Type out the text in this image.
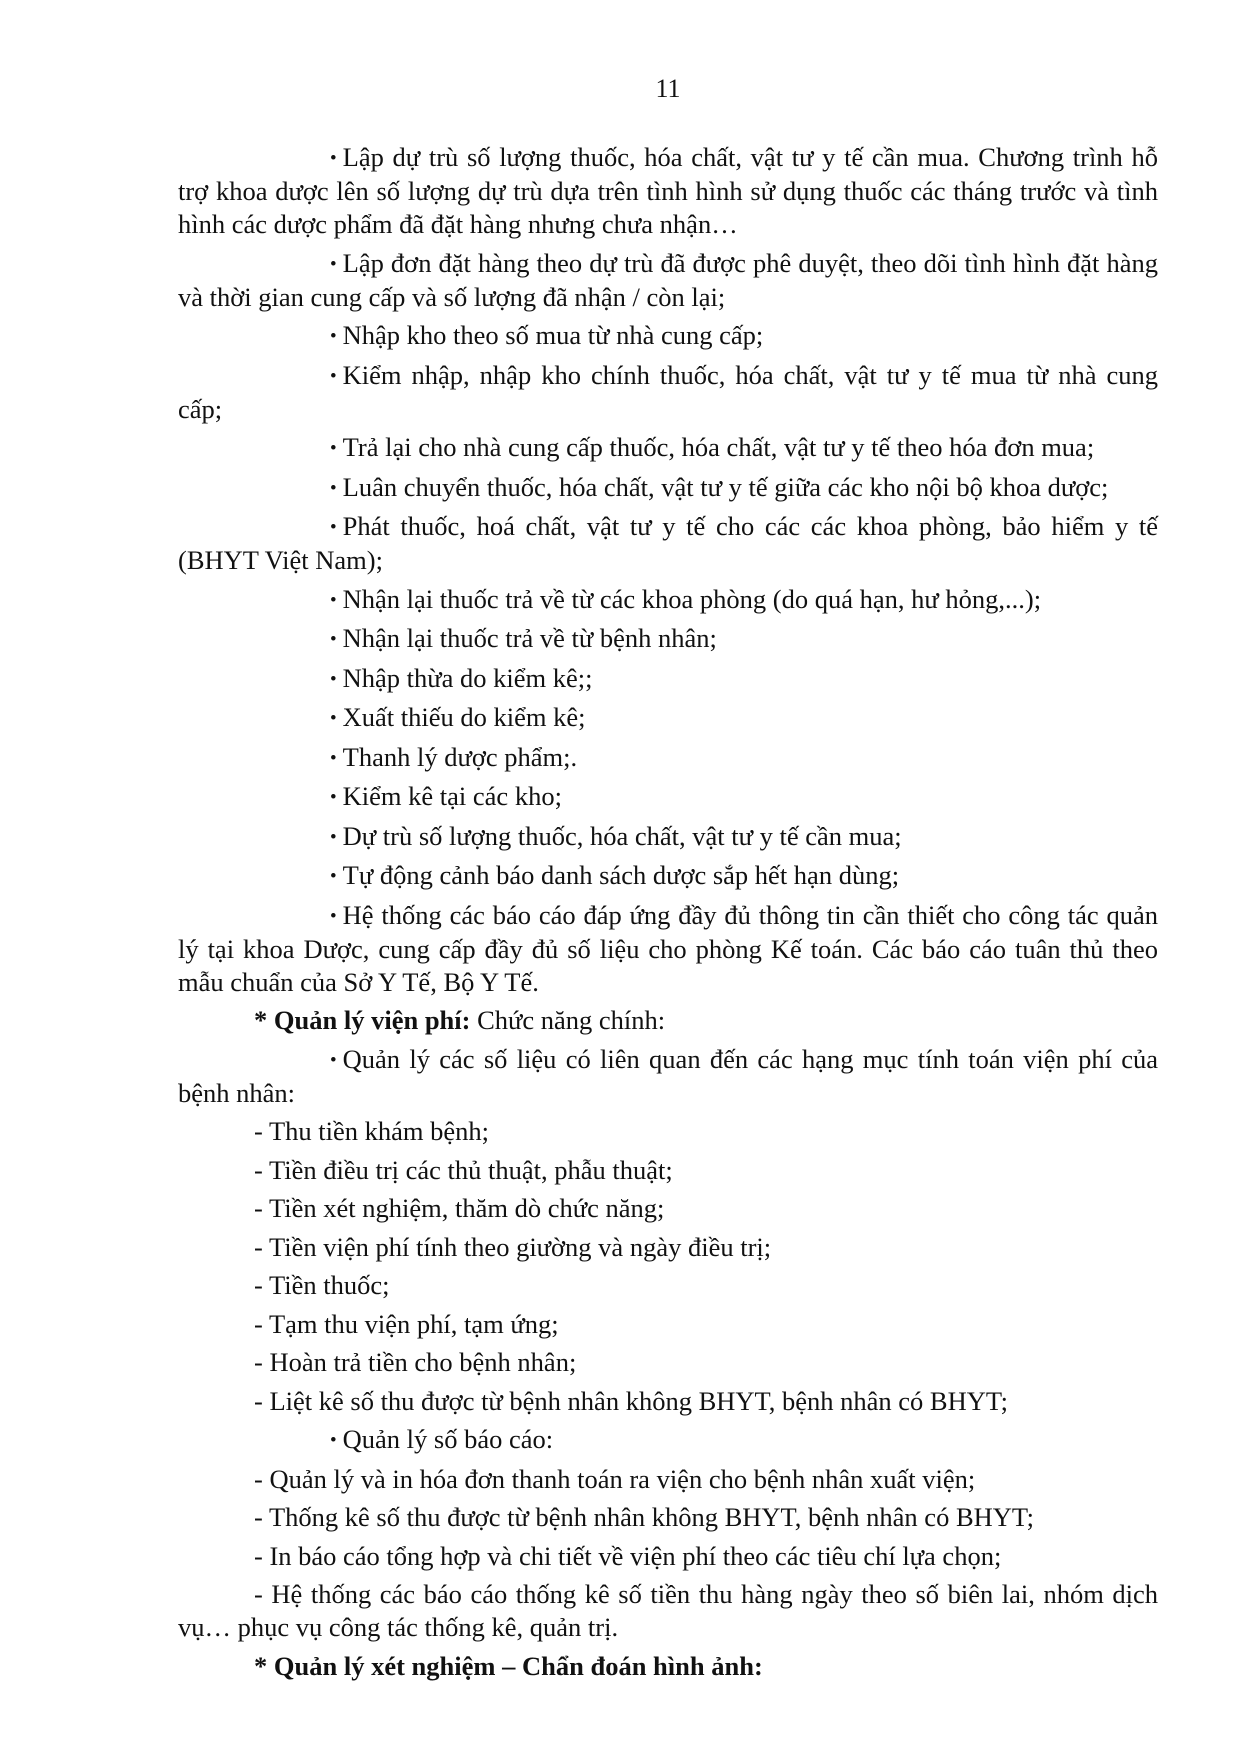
11

• Lập dự trù số lượng thuốc, hóa chất, vật tư y tế cần mua. Chương trình hỗ trợ khoa dược lên số lượng dự trù dựa trên tình hình sử dụng thuốc các tháng trước và tình hình các dược phẩm đã đặt hàng nhưng chưa nhận…

• Lập đơn đặt hàng theo dự trù đã được phê duyệt, theo dõi tình hình đặt hàng và thời gian cung cấp và số lượng đã nhận / còn lại;

• Nhập kho theo số mua từ nhà cung cấp;

• Kiểm nhập, nhập kho chính thuốc, hóa chất, vật tư y tế mua từ nhà cung cấp;

• Trả lại cho nhà cung cấp thuốc, hóa chất, vật tư y tế theo hóa đơn mua;

• Luân chuyển thuốc, hóa chất, vật tư y tế giữa các kho nội bộ khoa dược;

• Phát thuốc, hoá chất, vật tư y tế cho các các khoa phòng, bảo hiểm y tế (BHYT Việt Nam);

• Nhận lại thuốc trả về từ các khoa phòng (do quá hạn, hư hỏng,...);

• Nhận lại thuốc trả về từ bệnh nhân;

• Nhập thừa do kiểm kê;;

• Xuất thiếu do kiểm kê;

• Thanh lý dược phẩm;.

• Kiểm kê tại các kho;

• Dự trù số lượng thuốc, hóa chất, vật tư y tế cần mua;

• Tự động cảnh báo danh sách dược sắp hết hạn dùng;

• Hệ thống các báo cáo đáp ứng đầy đủ thông tin cần thiết cho công tác quản lý tại khoa Dược, cung cấp đầy đủ số liệu cho phòng Kế toán. Các báo cáo tuân thủ theo mẫu chuẩn của Sở Y Tế, Bộ Y Tế.

* Quản lý viện phí: Chức năng chính:

• Quản lý các số liệu có liên quan đến các hạng mục tính toán viện phí của bệnh nhân:

- Thu tiền khám bệnh;

- Tiền điều trị các thủ thuật, phẫu thuật;

- Tiền xét nghiệm, thăm dò chức năng;

- Tiền viện phí tính theo giường và ngày điều trị;

- Tiền thuốc;

- Tạm thu viện phí, tạm ứng;

- Hoàn trả tiền cho bệnh nhân;

- Liệt kê số thu được từ bệnh nhân không BHYT, bệnh nhân có BHYT;

• Quản lý số báo cáo:

- Quản lý và in hóa đơn thanh toán ra viện cho bệnh nhân xuất viện;

- Thống kê số thu được từ bệnh nhân không BHYT, bệnh nhân có BHYT;

- In báo cáo tổng hợp và chi tiết về viện phí theo các tiêu chí lựa chọn;

- Hệ thống các báo cáo thống kê số tiền thu hàng ngày theo số biên lai, nhóm dịch vụ… phục vụ công tác thống kê, quản trị.

* Quản lý xét nghiệm – Chẩn đoán hình ảnh:
